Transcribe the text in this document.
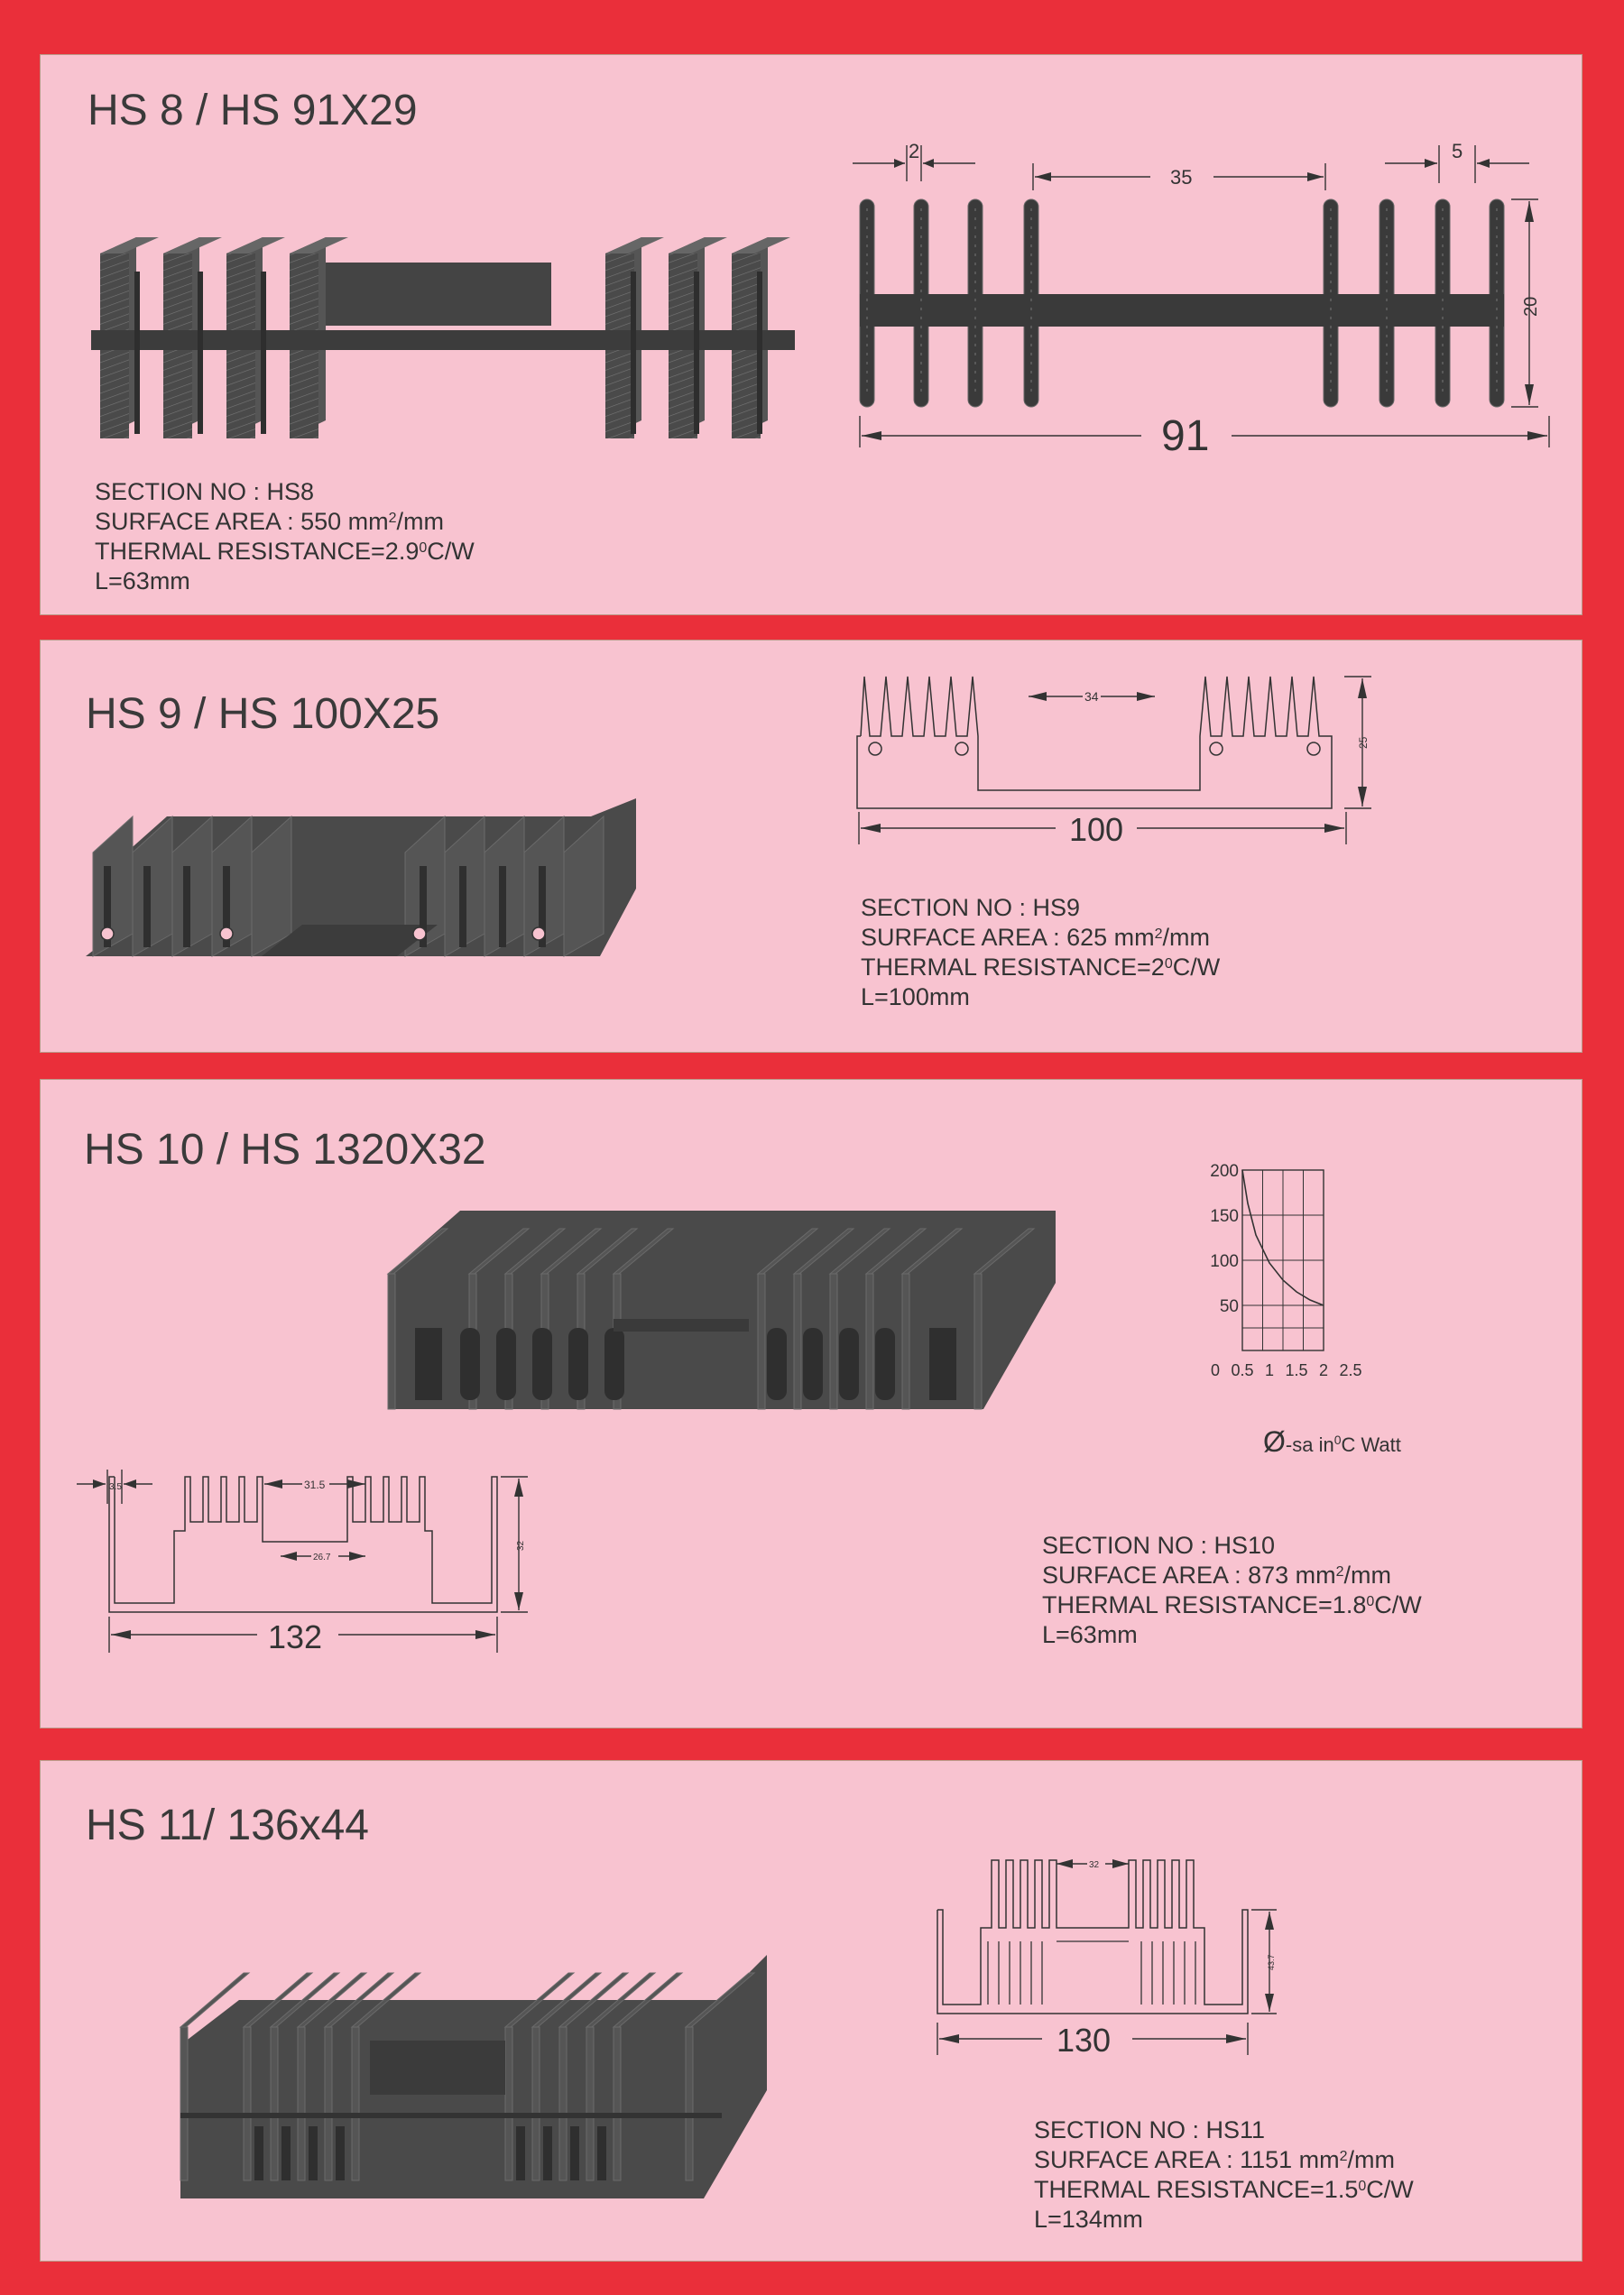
HS 8 / HS 91X29
2
35
5
20
91
SECTION NO : HS8
SURFACE AREA : 550 $mm^2/mm$
THERMAL $RESISTANCE=2.9^0C/W$
L=63mm
HS 9 / HS 100X25	34
25
100
SECTION NO : HS9
SURFACE AREA : 625 $mm^2/mm$
THERMAL $RESISTANCE=2^0C/W$
L=100mm
HS 10 / HS 1320X32
3.5	31.5
26.7
32
132
50
100
150
200
0 0.5 1 1.5 2 2.5
Ø-sa $in^0C$ Watt
SECTION NO : HS10
SURFACE AREA : 873 $mm^2/mm$
THERMAL $RESISTANCE=1.8^0C/W$
L=63mm
HS 11/ 136x44
32
43.7
130
SECTION NO : HS11
SURFACE AREA : 1151 $mm^2/mm$
THERMAL $RESISTANCE=1.5^0C/W$
L=134mm
